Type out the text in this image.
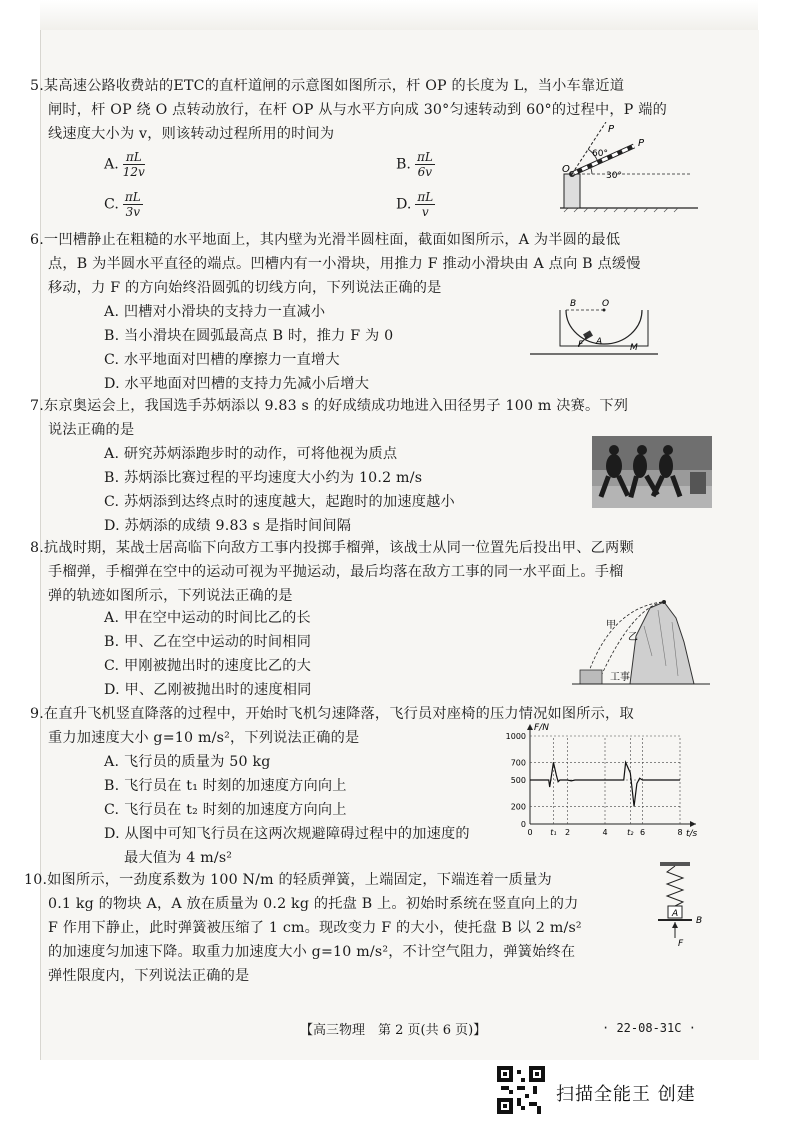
5.某高速公路收费站的ETC的直杆道闸的示意图如图所示，杆 OP 的长度为 L，当小车靠近道
闸时，杆 OP 绕 O 点转动放行，在杆 OP 从与水平方向成 30°匀速转动到 60°的过程中，P 端的
线速度大小为 v，则该转动过程所用的时间为
A. $\frac{\pi L}{12v}$	B. $\frac{\pi L}{6v}$
C. $\frac{\pi L}{3v}$	D. $\frac{\pi L}{v}$
P
P
O
60°
30°
6.一凹槽静止在粗糙的水平地面上，其内壁为光滑半圆柱面，截面如图所示，A 为半圆的最低
点，B 为半圆水平直径的端点。凹槽内有一小滑块，用推力 F 推动小滑块由 A 点向 B 点缓慢
移动，力 F 的方向始终沿圆弧的切线方向，下列说法正确的是
A. 凹槽对小滑块的支持力一直减小
B. 当小滑块在圆弧最高点 B 时，推力 F 为 0
C. 水平地面对凹槽的摩擦力一直增大
D. 水平地面对凹槽的支持力先减小后增大
B	O
F A
M
7.东京奥运会上，我国选手苏炳添以 9.83 s 的好成绩成功地进入田径男子 100 m 决赛。下列
说法正确的是
A. 研究苏炳添跑步时的动作，可将他视为质点
B. 苏炳添比赛过程的平均速度大小约为 10.2 m/s
C. 苏炳添到达终点时的速度越大，起跑时的加速度越小
D. 苏炳添的成绩 9.83 s 是指时间间隔
8.抗战时期，某战士居高临下向敌方工事内投掷手榴弹，该战士从同一位置先后投出甲、乙两颗
手榴弹，手榴弹在空中的运动可视为平抛运动，最后均落在敌方工事的同一水平面上。手榴
弹的轨迹如图所示，下列说法正确的是
A. 甲在空中运动的时间比乙的长
B. 甲、乙在空中运动的时间相同
C. 甲刚被抛出时的速度比乙的大
D. 甲、乙刚被抛出时的速度相同
甲
乙
工事
9.在直升飞机竖直降落的过程中，开始时飞机匀速降落，飞行员对座椅的压力情况如图所示，取
重力加速度大小 g=10 m/s²，下列说法正确的是
A. 飞行员的质量为 50 kg
B. 飞行员在 t₁ 时刻的加速度方向向上
C. 飞行员在 t₂ 时刻的加速度方向向上
D. 从图中可知飞行员在这两次规避障碍过程中的加速度的
最大值为 4 m/s²
0
200
500
700
1000
0 t₁ 2	4 t₂ 6	8
F/N
t/s
10.如图所示，一劲度系数为 100 N/m 的轻质弹簧，上端固定，下端连着一质量为
0.1 kg 的物块 A，A 放在质量为 0.2 kg 的托盘 B 上。初始时系统在竖直向上的力
F 作用下静止，此时弹簧被压缩了 1 cm。现改变力 F 的大小，使托盘 B 以 2 m/s²
的加速度匀加速下降。取重力加速度大小 g=10 m/s²，不计空气阻力，弹簧始终在
弹性限度内，下列说法正确的是
A
B
F
【高三物理　第 2 页(共 6 页)】	· 22-08-31C ·
扫描全能王 创建
